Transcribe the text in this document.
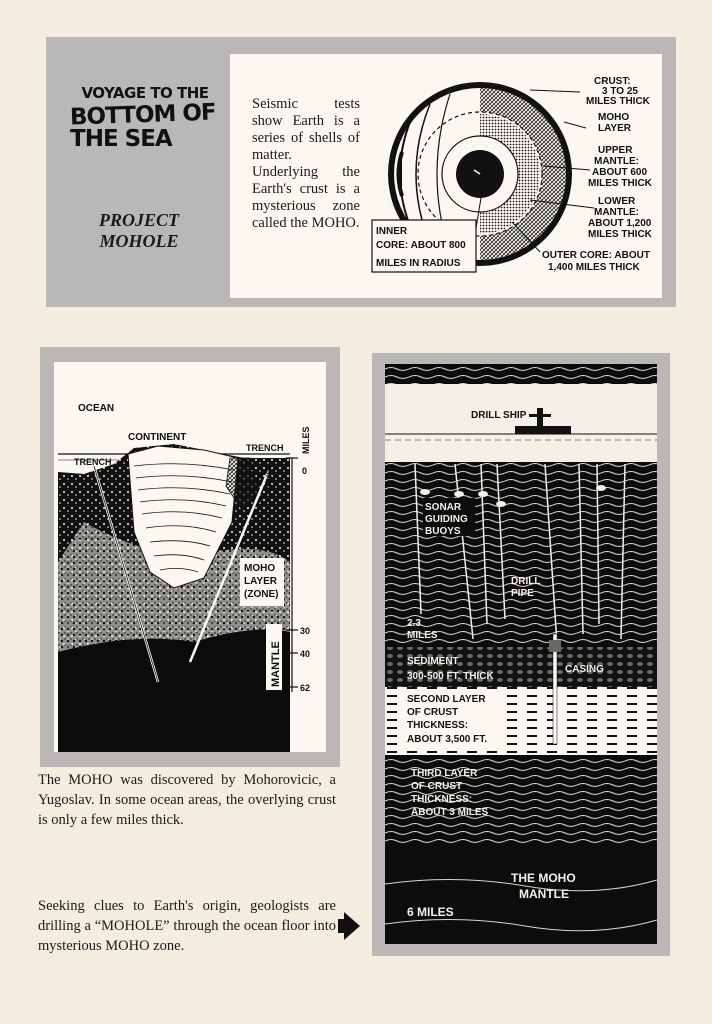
VOYAGE TO THE
BOTTOM OF
THE SEA
PROJECT
MOHOLE
Seismic tests show Earth is a series of shells of matter. Underlying the Earth's crust is a mysterious zone called the MOHO.
CRUST:
3 TO 25
MILES THICK
MOHO
LAYER
UPPER
MANTLE:
ABOUT 600
MILES THICK
LOWER
MANTLE:
ABOUT 1,200
MILES THICK
OUTER CORE: ABOUT
1,400 MILES THICK
INNER
CORE: ABOUT 800
MILES IN RADIUS
OCEAN
CONTINENT
TRENCH
TRENCH
CRUST
MILES
0
30
40
62
MOHO
LAYER
(ZONE)
MANTLE
The MOHO was discovered by Mohorovicic, a Yugoslav. In some ocean areas, the overlying crust is only a few miles thick.
Seeking clues to Earth's origin, geologists are drilling a “MOHOLE” through the ocean floor into mysterious MOHO zone.
DRILL SHIP
SONAR
GUIDING
BUOYS
DRILL
PIPE
2.3
MILES
SEDIMENT
300-500 FT. THICK
CASING
SECOND LAYER
OF CRUST
THICKNESS:
ABOUT 3,500 FT.
THIRD LAYER
OF CRUST
THICKNESS:
ABOUT 3 MILES
THE MOHO
MANTLE
6 MILES
